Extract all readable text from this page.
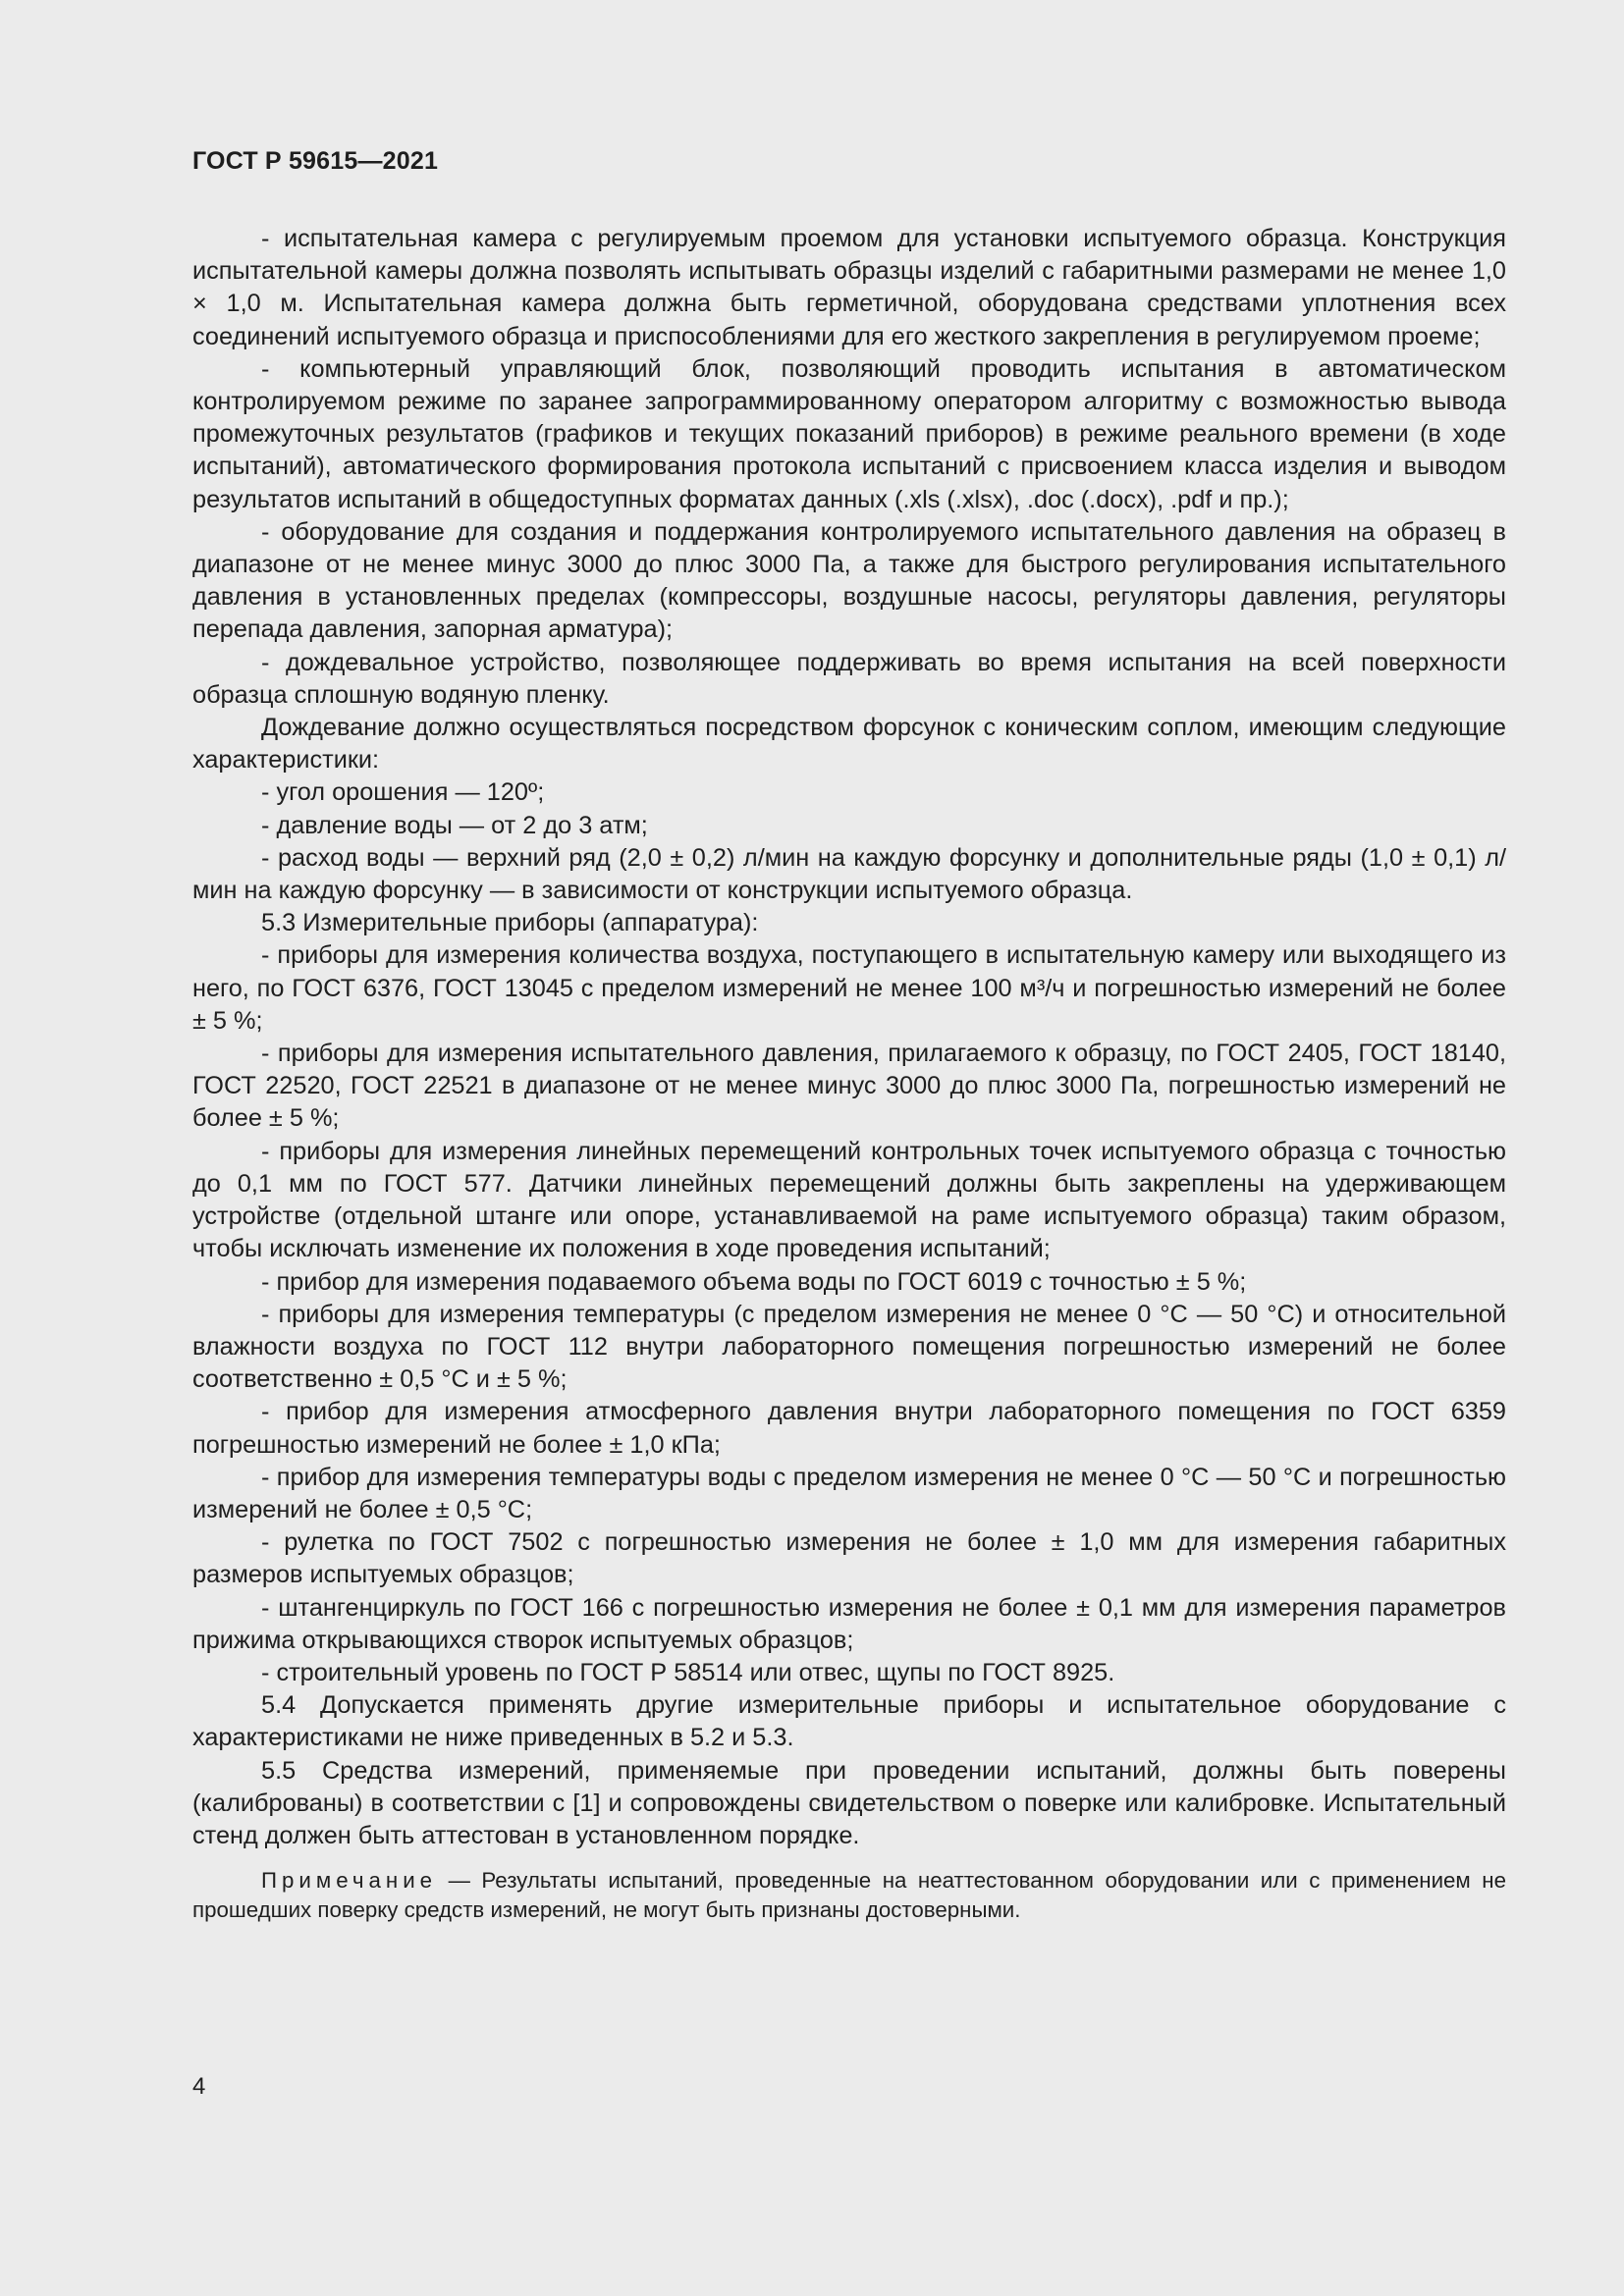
ГОСТ Р 59615—2021

- испытательная камера с регулируемым проемом для установки испытуемого образца. Конструкция испытательной камеры должна позволять испытывать образцы изделий с габаритными размерами не менее 1,0 × 1,0 м. Испытательная камера должна быть герметичной, оборудована средствами уплотнения всех соединений испытуемого образца и приспособлениями для его жесткого закрепления в регулируемом проеме;

- компьютерный управляющий блок, позволяющий проводить испытания в автоматическом контролируемом режиме по заранее запрограммированному оператором алгоритму с возможностью вывода промежуточных результатов (графиков и текущих показаний приборов) в режиме реального времени (в ходе испытаний), автоматического формирования протокола испытаний с присвоением класса изделия и выводом результатов испытаний в общедоступных форматах данных (.xls (.xlsx), .doc (.docx), .pdf и пр.);

- оборудование для создания и поддержания контролируемого испытательного давления на образец в диапазоне от не менее минус 3000 до плюс 3000 Па, а также для быстрого регулирования испытательного давления в установленных пределах (компрессоры, воздушные насосы, регуляторы давления, регуляторы перепада давления, запорная арматура);

- дождевальное устройство, позволяющее поддерживать во время испытания на всей поверхности образца сплошную водяную пленку.

Дождевание должно осуществляться посредством форсунок с коническим соплом, имеющим следующие характеристики:

- угол орошения — 120º;

- давление воды — от 2 до 3 атм;

- расход воды — верхний ряд (2,0 ± 0,2) л/мин на каждую форсунку и дополнительные ряды (1,0 ± 0,1) л/мин на каждую форсунку — в зависимости от конструкции испытуемого образца.

5.3 Измерительные приборы (аппаратура):

- приборы для измерения количества воздуха, поступающего в испытательную камеру или выходящего из него, по ГОСТ 6376, ГОСТ 13045 с пределом измерений не менее 100 м³/ч и погрешностью измерений не более ± 5 %;

- приборы для измерения испытательного давления, прилагаемого к образцу, по ГОСТ 2405, ГОСТ 18140, ГОСТ 22520, ГОСТ 22521 в диапазоне от не менее минус 3000 до плюс 3000 Па, погрешностью измерений не более ± 5 %;

- приборы для измерения линейных перемещений контрольных точек испытуемого образца с точностью до 0,1 мм по ГОСТ 577. Датчики линейных перемещений должны быть закреплены на удерживающем устройстве (отдельной штанге или опоре, устанавливаемой на раме испытуемого образца) таким образом, чтобы исключать изменение их положения в ходе проведения испытаний;

- прибор для измерения подаваемого объема воды по ГОСТ 6019 с точностью ± 5 %;

- приборы для измерения температуры (с пределом измерения не менее 0 °С — 50 °С) и относительной влажности воздуха по ГОСТ 112 внутри лабораторного помещения погрешностью измерений не более соответственно ± 0,5 °С и ± 5 %;

- прибор для измерения атмосферного давления внутри лабораторного помещения по ГОСТ 6359 погрешностью измерений не более ± 1,0 кПа;

- прибор для измерения температуры воды с пределом измерения не менее 0 °С — 50 °С и погрешностью измерений не более ± 0,5 °С;

- рулетка по ГОСТ 7502 с погрешностью измерения не более ± 1,0 мм для измерения габаритных размеров испытуемых образцов;

- штангенциркуль по ГОСТ 166 с погрешностью измерения не более ± 0,1 мм для измерения параметров прижима открывающихся створок испытуемых образцов;

- строительный уровень по ГОСТ Р 58514 или отвес, щупы по ГОСТ 8925.

5.4 Допускается применять другие измерительные приборы и испытательное оборудование с характеристиками не ниже приведенных в 5.2 и 5.3.

5.5 Средства измерений, применяемые при проведении испытаний, должны быть поверены (калиброваны) в соответствии с [1] и сопровождены свидетельством о поверке или калибровке. Испытательный стенд должен быть аттестован в установленном порядке.

Примечание — Результаты испытаний, проведенные на неаттестованном оборудовании или с применением не прошедших поверку средств измерений, не могут быть признаны достоверными.

4
